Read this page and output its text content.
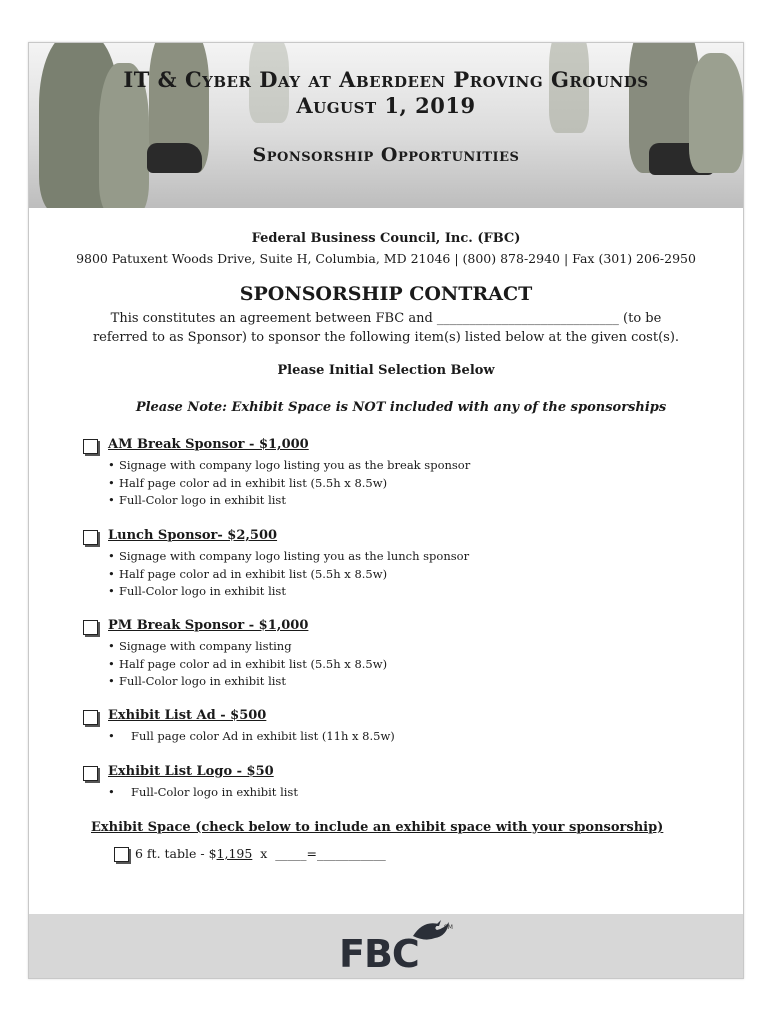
IT & Cyber Day at Aberdeen Proving Grounds
August 1, 2019
Sponsorship Opportunities
Federal Business Council, Inc. (FBC)
9800 Patuxent Woods Drive, Suite H, Columbia, MD 21046 | (800) 878-2940 | Fax (301) 206-2950
SPONSORSHIP CONTRACT
This constitutes an agreement between FBC and ____________________________ (to be
referred to as Sponsor) to sponsor the following item(s) listed below at the given cost(s).
Please Initial Selection Below
Please Note: Exhibit Space is NOT included with any of the sponsorships
AM Break Sponsor - $1,000
• Signage with company logo listing you as the break sponsor
• Half page color ad in exhibit list (5.5h x 8.5w)
• Full-Color logo in exhibit list
Lunch Sponsor- $2,500
• Signage with company logo listing you as the lunch sponsor
• Half page color ad in exhibit list (5.5h x 8.5w)
• Full-Color logo in exhibit list
PM Break Sponsor - $1,000
• Signage with company listing
• Half page color ad in exhibit list (5.5h x 8.5w)
• Full-Color logo in exhibit list
Exhibit List Ad - $500
• Full page color Ad in exhibit list (11h x 8.5w)
Exhibit List Logo - $50
• Full-Color logo in exhibit list
Exhibit Space (check below to include an exhibit space with your sponsorship)
6 ft. table - $1,195  x  _____=___________
FBC
SM
